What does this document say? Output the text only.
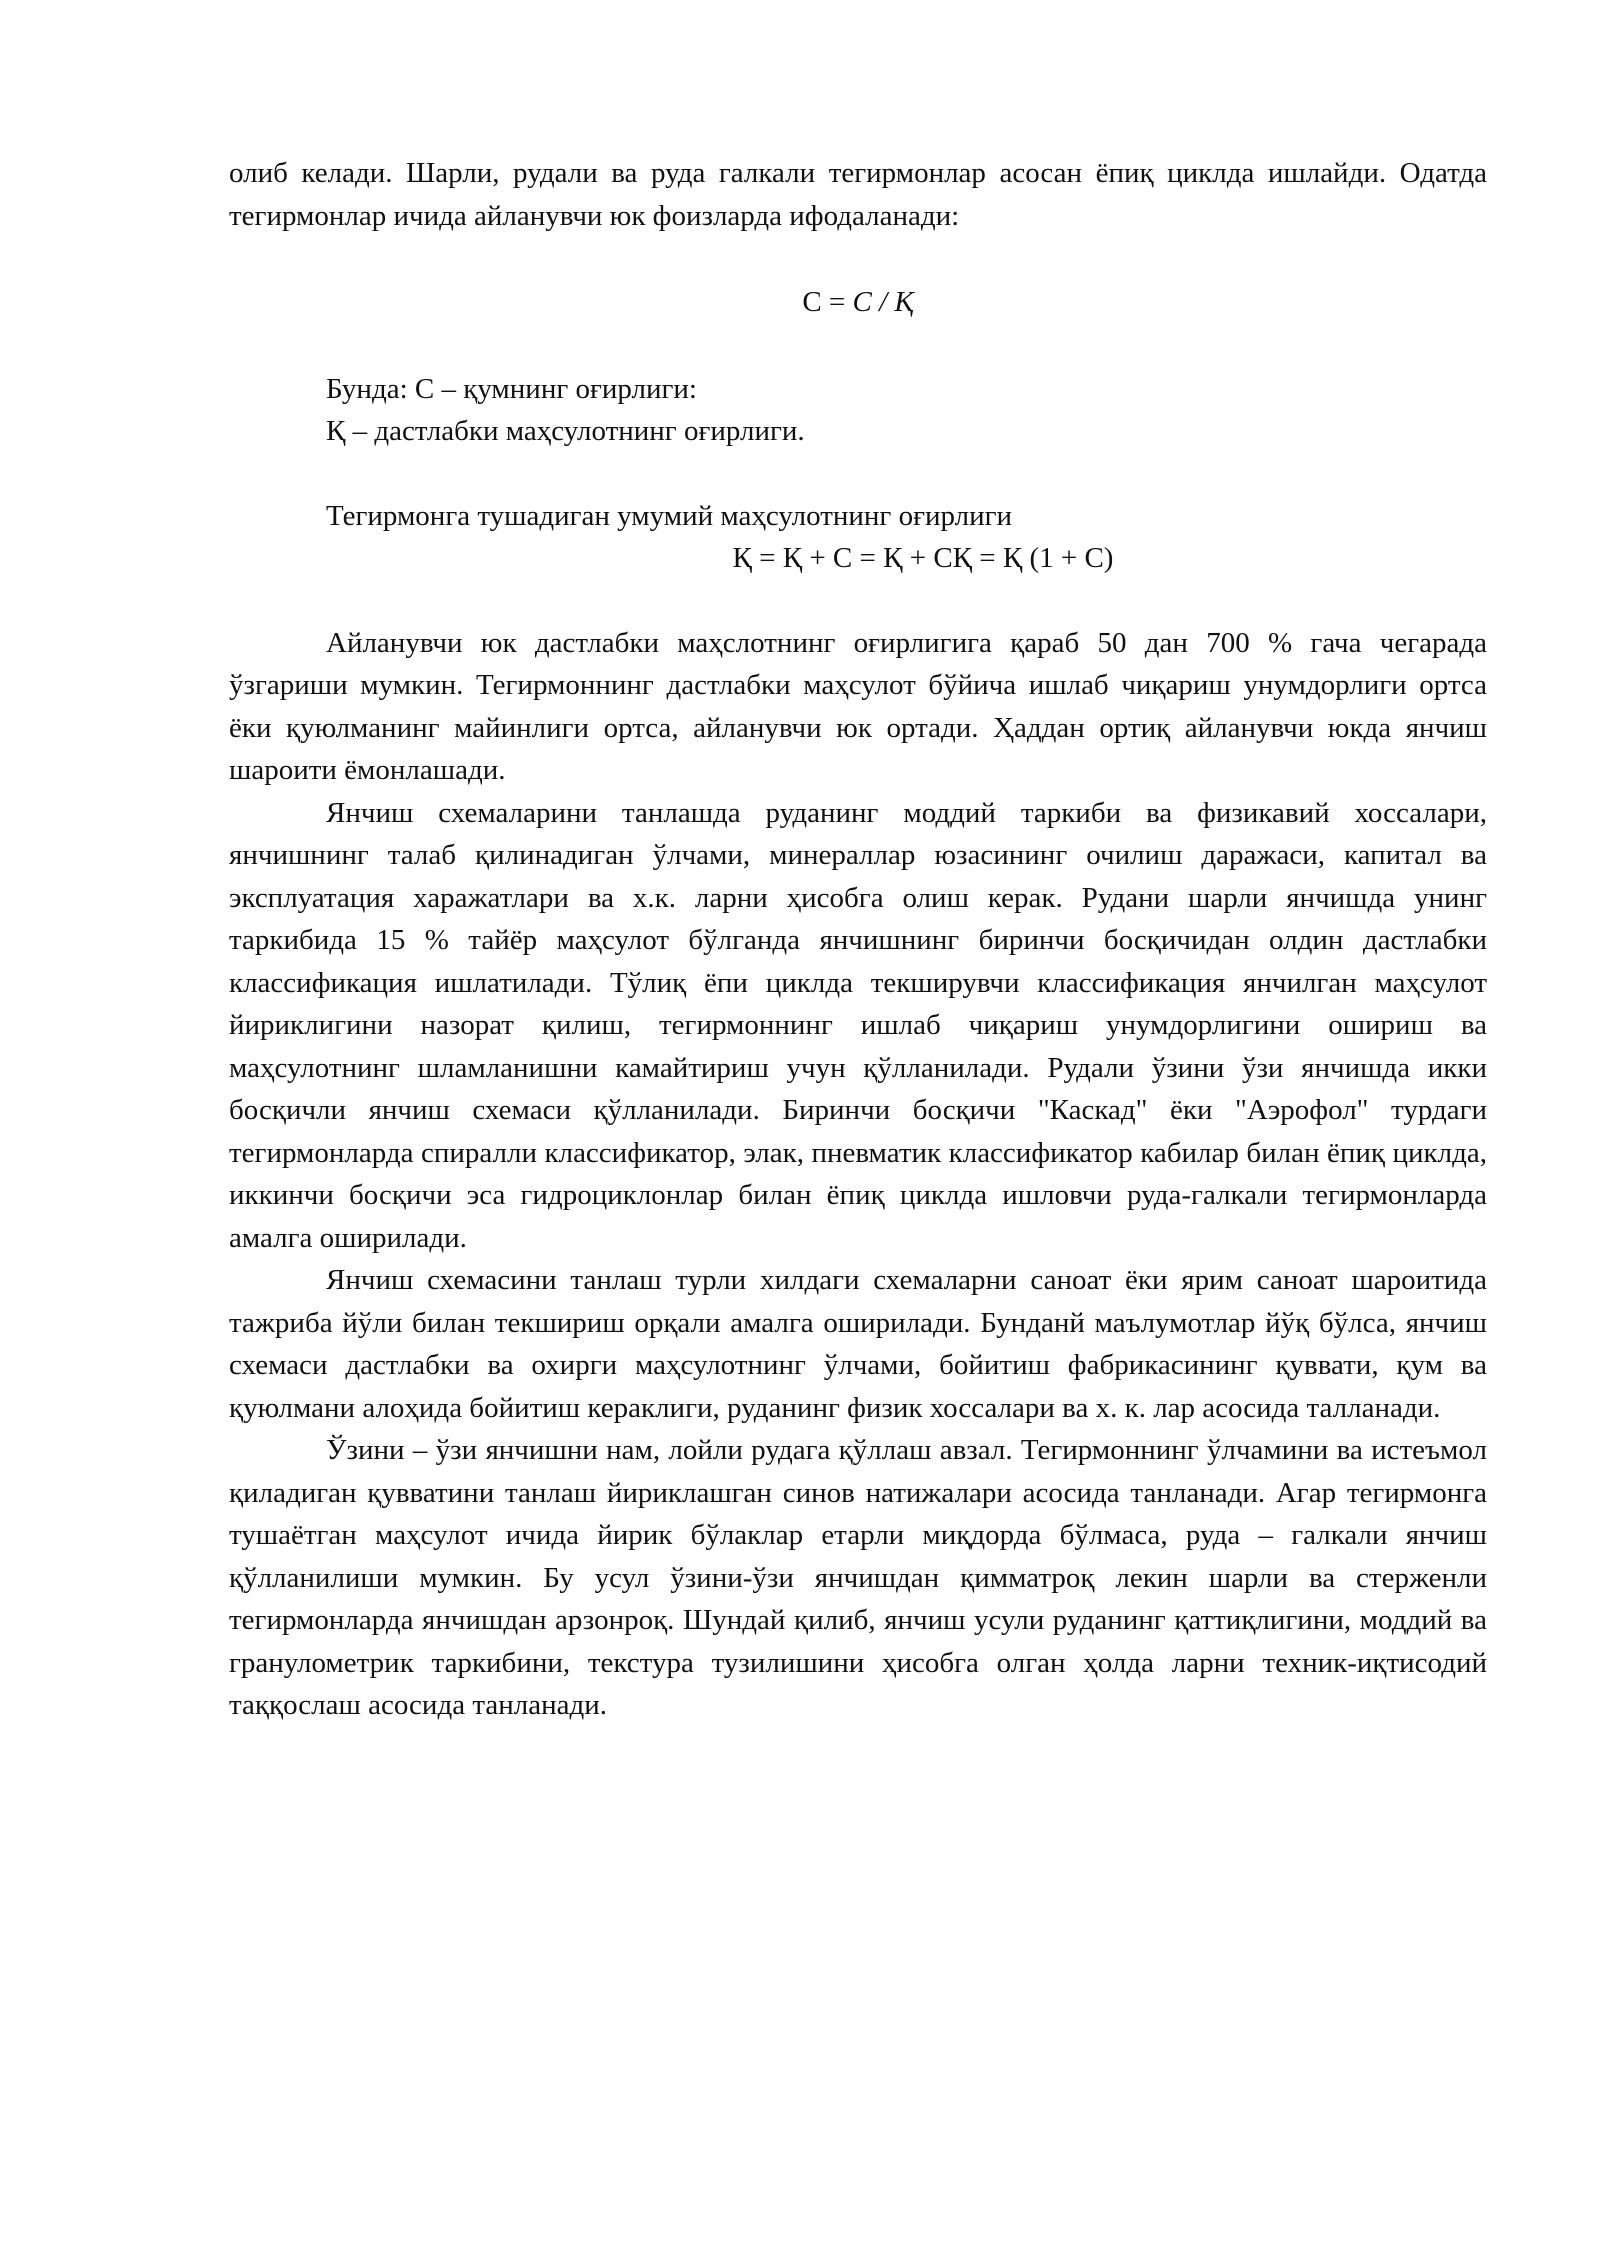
олиб келади. Шарли, рудали ва руда галкали тегирмонлар асосан ёпиқ циклда ишлайди. Одатда тегирмонлар ичида айланувчи юк фоизларда ифодаланади:

С = С / Қ

Бунда: С – қумнинг оғирлиги:

Қ – дастлабки маҳсулотнинг оғирлиги.

Тегирмонга тушадиган умумий маҳсулотнинг оғирлиги

Қ = Қ + С = Қ + СҚ = Қ (1 + С)

Айланувчи юк дастлабки маҳслотнинг оғирлигига қараб 50 дан 700 % гача чегарада ўзгариши мумкин. Тегирмоннинг дастлабки маҳсулот бўйича ишлаб чиқариш унумдорлиги ортса ёки қуюлманинг майинлиги ортса, айланувчи юк ортади. Ҳаддан ортиқ айланувчи юкда янчиш шароити ёмонлашади.

Янчиш схемаларини танлашда руданинг моддий таркиби ва физикавий хоссалари, янчишнинг талаб қилинадиган ўлчами, минераллар юзасининг очилиш даражаси, капитал ва эксплуатация харажатлари ва х.к. ларни ҳисобга олиш керак. Рудани шарли янчишда унинг таркибида 15 % тайёр маҳсулот бўлганда янчишнинг биринчи босқичидан олдин дастлабки классификация ишлатилади. Тўлиқ ёпи циклда текширувчи классификация янчилган маҳсулот йириклигини назорат қилиш, тегирмоннинг ишлаб чиқариш унумдорлигини ошириш ва маҳсулотнинг шламланишни камайтириш учун қўлланилади. Рудали ўзини ўзи янчишда икки босқичли янчиш схемаси қўлланилади. Биринчи босқичи "Каскад" ёки "Аэрофол" турдаги тегирмонларда спиралли классификатор, элак, пневматик классификатор кабилар билан ёпиқ циклда, иккинчи босқичи эса гидроциклонлар билан ёпиқ циклда ишловчи руда-галкали тегирмонларда амалга оширилади.

Янчиш схемасини танлаш турли хилдаги схемаларни саноат ёки ярим саноат шароитида тажриба йўли билан текшириш орқали амалга оширилади. Бунданй маълумотлар йўқ бўлса, янчиш схемаси дастлабки ва охирги маҳсулотнинг ўлчами, бойитиш фабрикасининг қуввати, қум ва қуюлмани алоҳида бойитиш кераклиги, руданинг физик хоссалари ва х. к. лар асосида талланади.

Ўзини – ўзи янчишни нам, лойли рудага қўллаш авзал. Тегирмоннинг ўлчамини ва истеъмол қиладиган қувватини танлаш йириклашган синов натижалари асосида танланади. Агар тегирмонга тушаётган маҳсулот ичида йирик бўлаклар етарли миқдорда бўлмаса, руда – галкали янчиш қўлланилиши мумкин. Бу усул ўзини-ўзи янчишдан қимматроқ лекин шарли ва стерженли тегирмонларда янчишдан арзонроқ. Шундай қилиб, янчиш усули руданинг қаттиқлигини, моддий ва гранулометрик таркибини, текстура тузилишини ҳисобга олган ҳолда ларни техник-иқтисодий таққослаш асосида танланади.
